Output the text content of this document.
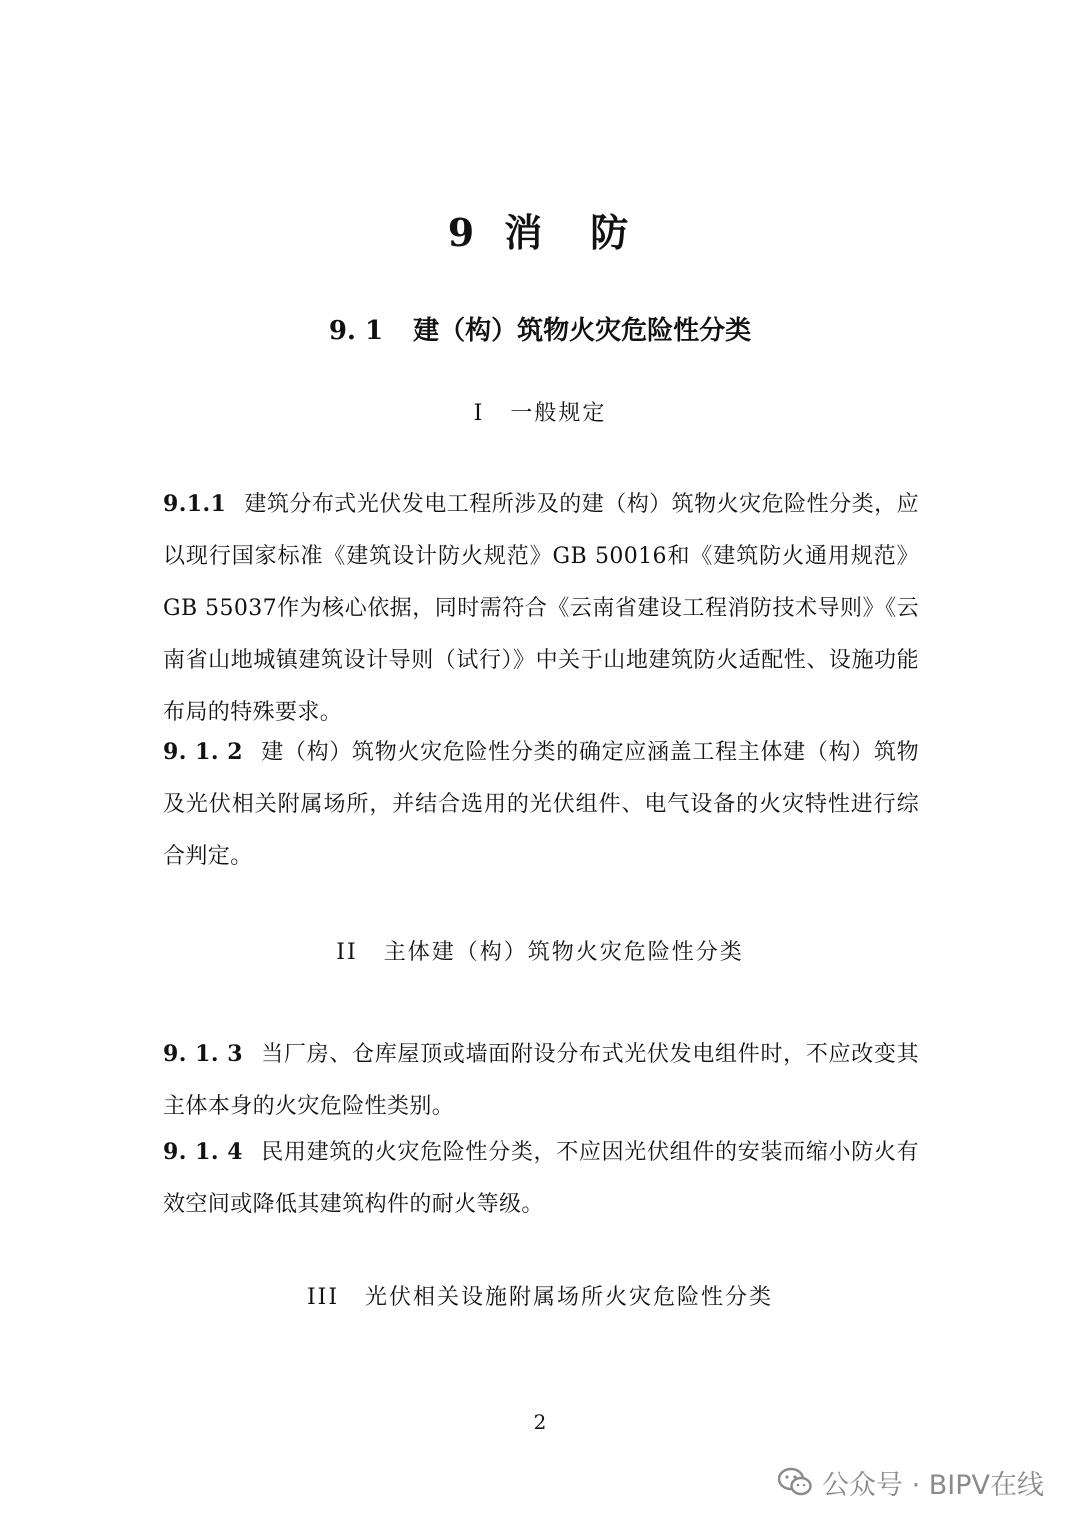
9 消 防
9. 1 建（构）筑物火灾危险性分类
I 一般规定
9.1.1 建筑分布式光伏发电工程所涉及的建（构）筑物火灾危险性分类，应以现行国家标准《建筑设计防火规范》GB 50016和《建筑防火通用规范》GB 55037作为核心依据，同时需符合《云南省建设工程消防技术导则》《云南省山地城镇建筑设计导则（试行）》中关于山地建筑防火适配性、设施功能布局的特殊要求。
9. 1. 2 建（构）筑物火灾危险性分类的确定应涵盖工程主体建（构）筑物及光伏相关附属场所，并结合选用的光伏组件、电气设备的火灾特性进行综合判定。
II 主体建（构）筑物火灾危险性分类
9. 1. 3 当厂房、仓库屋顶或墙面附设分布式光伏发电组件时，不应改变其主体本身的火灾危险性类别。
9. 1. 4 民用建筑的火灾危险性分类，不应因光伏组件的安装而缩小防火有效空间或降低其建筑构件的耐火等级。
III 光伏相关设施附属场所火灾危险性分类
2
公众号 · BIPV在线
